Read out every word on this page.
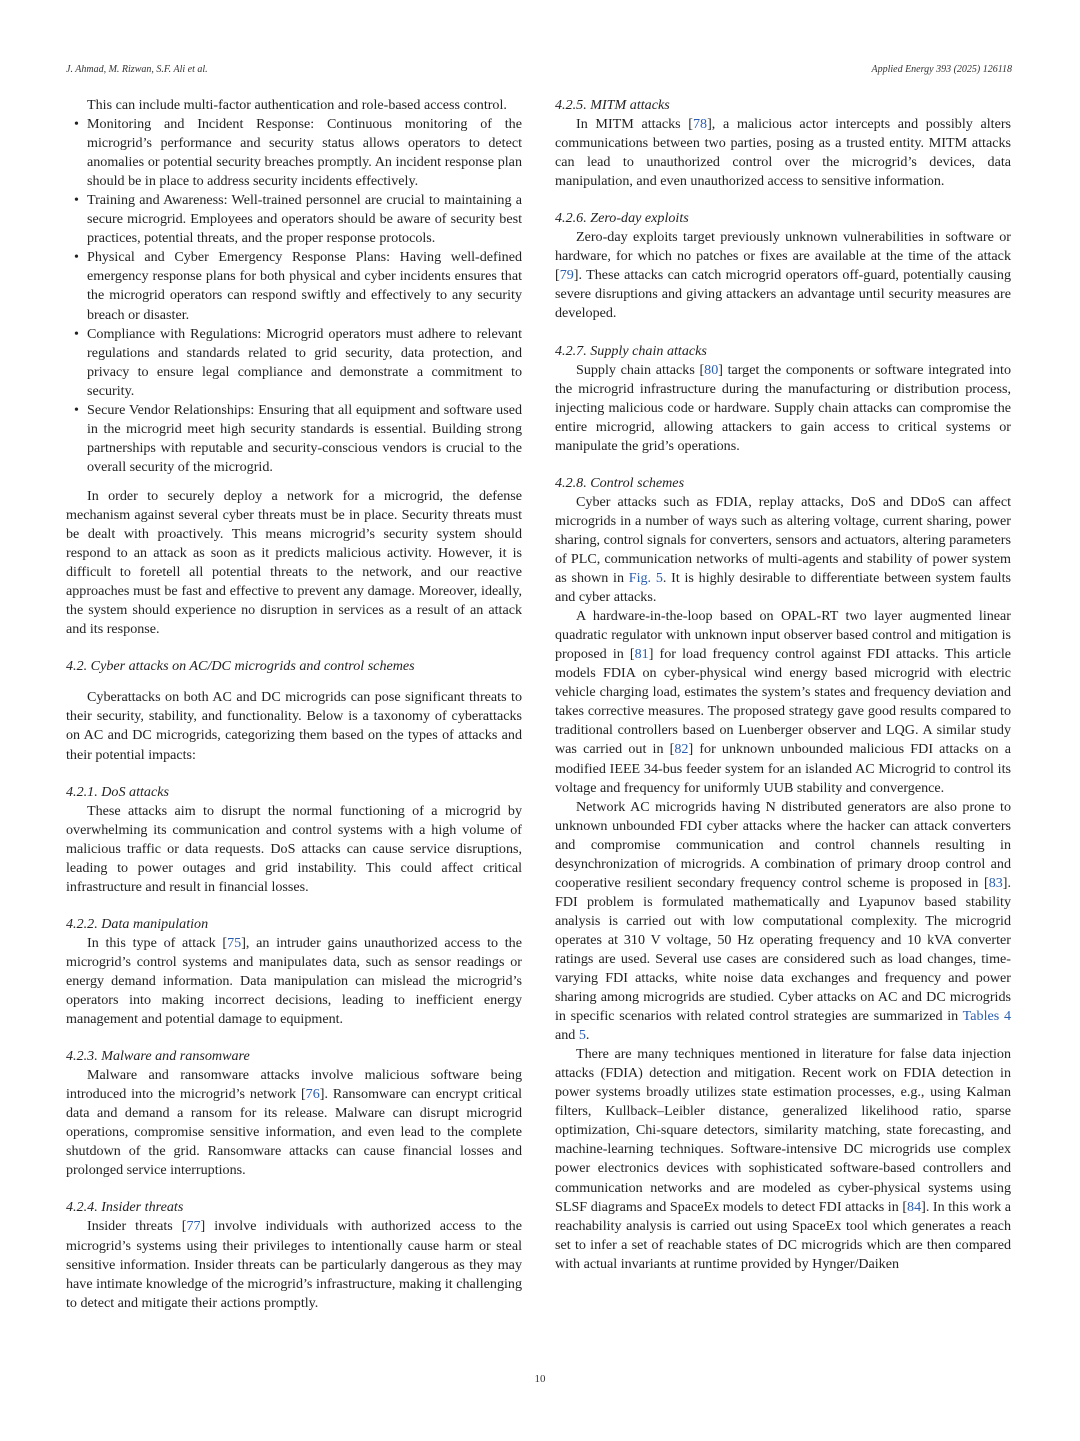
J. Ahmad, M. Rizwan, S.F. Ali et al.	Applied Energy 393 (2025) 126118

This can include multi-factor authentication and role-based access control.

• Monitoring and Incident Response: Continuous monitoring of the microgrid’s performance and security status allows operators to detect anomalies or potential security breaches promptly. An incident response plan should be in place to address security incidents effectively.
• Training and Awareness: Well-trained personnel are crucial to maintaining a secure microgrid. Employees and operators should be aware of security best practices, potential threats, and the proper response protocols.
• Physical and Cyber Emergency Response Plans: Having well-defined emergency response plans for both physical and cyber incidents ensures that the microgrid operators can respond swiftly and effectively to any security breach or disaster.
• Compliance with Regulations: Microgrid operators must adhere to relevant regulations and standards related to grid security, data protection, and privacy to ensure legal compliance and demonstrate a commitment to security.
• Secure Vendor Relationships: Ensuring that all equipment and software used in the microgrid meet high security standards is essential. Building strong partnerships with reputable and security-conscious vendors is crucial to the overall security of the microgrid.

In order to securely deploy a network for a microgrid, the defense mechanism against several cyber threats must be in place. Security threats must be dealt with proactively. This means microgrid’s security system should respond to an attack as soon as it predicts malicious activity. However, it is difficult to foretell all potential threats to the network, and our reactive approaches must be fast and effective to prevent any damage. Moreover, ideally, the system should experience no disruption in services as a result of an attack and its response.

4.2. Cyber attacks on AC/DC microgrids and control schemes

Cyberattacks on both AC and DC microgrids can pose significant threats to their security, stability, and functionality. Below is a taxonomy of cyberattacks on AC and DC microgrids, categorizing them based on the types of attacks and their potential impacts:

4.2.1. DoS attacks

These attacks aim to disrupt the normal functioning of a microgrid by overwhelming its communication and control systems with a high volume of malicious traffic or data requests. DoS attacks can cause service disruptions, leading to power outages and grid instability. This could affect critical infrastructure and result in financial losses.

4.2.2. Data manipulation

In this type of attack [75], an intruder gains unauthorized access to the microgrid’s control systems and manipulates data, such as sensor readings or energy demand information. Data manipulation can mislead the microgrid’s operators into making incorrect decisions, leading to inefficient energy management and potential damage to equipment.

4.2.3. Malware and ransomware

Malware and ransomware attacks involve malicious software being introduced into the microgrid’s network [76]. Ransomware can encrypt critical data and demand a ransom for its release. Malware can disrupt microgrid operations, compromise sensitive information, and even lead to the complete shutdown of the grid. Ransomware attacks can cause financial losses and prolonged service interruptions.

4.2.4. Insider threats

Insider threats [77] involve individuals with authorized access to the microgrid’s systems using their privileges to intentionally cause harm or steal sensitive information. Insider threats can be particularly dangerous as they may have intimate knowledge of the microgrid’s infrastructure, making it challenging to detect and mitigate their actions promptly.

4.2.5. MITM attacks

In MITM attacks [78], a malicious actor intercepts and possibly alters communications between two parties, posing as a trusted entity. MITM attacks can lead to unauthorized control over the microgrid’s devices, data manipulation, and even unauthorized access to sensitive information.

4.2.6. Zero-day exploits

Zero-day exploits target previously unknown vulnerabilities in software or hardware, for which no patches or fixes are available at the time of the attack [79]. These attacks can catch microgrid operators off-guard, potentially causing severe disruptions and giving attackers an advantage until security measures are developed.

4.2.7. Supply chain attacks

Supply chain attacks [80] target the components or software integrated into the microgrid infrastructure during the manufacturing or distribution process, injecting malicious code or hardware. Supply chain attacks can compromise the entire microgrid, allowing attackers to gain access to critical systems or manipulate the grid’s operations.

4.2.8. Control schemes

Cyber attacks such as FDIA, replay attacks, DoS and DDoS can affect microgrids in a number of ways such as altering voltage, current sharing, power sharing, control signals for converters, sensors and actuators, altering parameters of PLC, communication networks of multi-agents and stability of power system as shown in Fig. 5. It is highly desirable to differentiate between system faults and cyber attacks.

A hardware-in-the-loop based on OPAL-RT two layer augmented linear quadratic regulator with unknown input observer based control and mitigation is proposed in [81] for load frequency control against FDI attacks. This article models FDIA on cyber-physical wind energy based microgrid with electric vehicle charging load, estimates the system’s states and frequency deviation and takes corrective measures. The proposed strategy gave good results compared to traditional controllers based on Luenberger observer and LQG. A similar study was carried out in [82] for unknown unbounded malicious FDI attacks on a modified IEEE 34-bus feeder system for an islanded AC Microgrid to control its voltage and frequency for uniformly UUB stability and convergence.

Network AC microgrids having N distributed generators are also prone to unknown unbounded FDI cyber attacks where the hacker can attack converters and compromise communication and control channels resulting in desynchronization of microgrids. A combination of primary droop control and cooperative resilient secondary frequency control scheme is proposed in [83]. FDI problem is formulated mathematically and Lyapunov based stability analysis is carried out with low computational complexity. The microgrid operates at 310 V voltage, 50 Hz operating frequency and 10 kVA converter ratings are used. Several use cases are considered such as load changes, time-varying FDI attacks, white noise data exchanges and frequency and power sharing among microgrids are studied. Cyber attacks on AC and DC microgrids in specific scenarios with related control strategies are summarized in Tables 4 and 5.

There are many techniques mentioned in literature for false data injection attacks (FDIA) detection and mitigation. Recent work on FDIA detection in power systems broadly utilizes state estimation processes, e.g., using Kalman filters, Kullback–Leibler distance, generalized likelihood ratio, sparse optimization, Chi-square detectors, similarity matching, state forecasting, and machine-learning techniques. Software-intensive DC microgrids use complex power electronics devices with sophisticated software-based controllers and communication networks and are modeled as cyber-physical systems using SLSF diagrams and SpaceEx models to detect FDI attacks in [84]. In this work a reachability analysis is carried out using SpaceEx tool which generates a reach set to infer a set of reachable states of DC microgrids which are then compared with actual invariants at runtime provided by Hynger/Daiken

10
